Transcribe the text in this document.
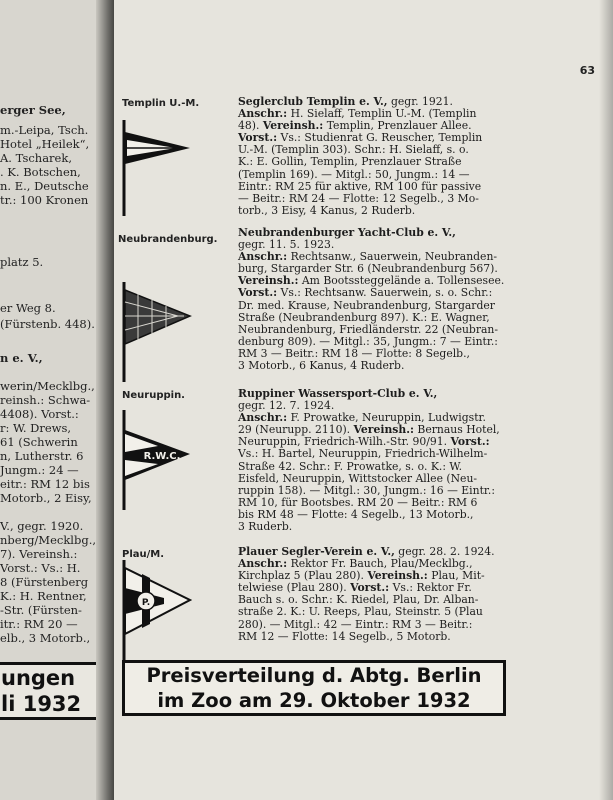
erger See,
m.-Leipa, Tsch.
Hotel „Heilek“,
A. Tscharek,
. K. Botschen,
n. E., Deutsche
tr.: 100 Kronen
platz 5.
er Weg 8.
(Fürstenb. 448).
n e. V.,
werin/Mecklbg.,
reinsh.: Schwa-
4408). Vorst.:
r: W. Drews,
61 (Schwerin
n, Lutherstr. 6
Jungm.: 24 —
eitr.: RM 12 bis
Motorb., 2 Eisy,
V., gegr. 1920.
nberg/Mecklbg.,
7). Vereinsh.:
Vorst.: Vs.: H.
8 (Fürstenberg
K.: H. Rentner,
-Str. (Fürsten-
itr.: RM 20 —
elb., 3 Motorb.,
ungen
li 1932
63
Templin U.-M.	Seglerclub Templin e. V., gegr. 1921.
Anschr.: H. Sielaff, Templin U.-M. (Templin
48). Vereinsh.: Templin, Prenzlauer Allee.
Vorst.: Vs.: Studienrat G. Reuscher, Templin
U.-M. (Templin 303). Schr.: H. Sielaff, s. o.
K.: E. Gollin, Templin, Prenzlauer Straße
(Templin 169). — Mitgl.: 50, Jungm.: 14 —
Eintr.: RM 25 für aktive, RM 100 für passive
— Beitr.: RM 24 — Flotte: 12 Segelb., 3 Mo-
torb., 3 Eisy, 4 Kanus, 2 Ruderb.
Neubrandenburg.
Neubrandenburger Yacht-Club e. V.,
gegr. 11. 5. 1923.
Anschr.: Rechtsanw., Sauerwein, Neubranden-
burg, Stargarder Str. 6 (Neubrandenburg 567).
Vereinsh.: Am Bootssteggelände a. Tollensesee.
Vorst.: Vs.: Rechtsanw. Sauerwein, s. o. Schr.:
Dr. med. Krause, Neubrandenburg, Stargarder
Straße (Neubrandenburg 897). K.: E. Wagner,
Neubrandenburg, Friedländerstr. 22 (Neubran-
denburg 809). — Mitgl.: 35, Jungm.: 7 — Eintr.:
RM 3 — Beitr.: RM 18 — Flotte: 8 Segelb.,
3 Motorb., 6 Kanus, 4 Ruderb.
Neuruppin.
R.W.C.
Ruppiner Wassersport-Club e. V.,
gegr. 12. 7. 1924.
Anschr.: F. Prowatke, Neuruppin, Ludwigstr.
29 (Neurupp. 2110). Vereinsh.: Bernaus Hotel,
Neuruppin, Friedrich-Wilh.-Str. 90/91. Vorst.:
Vs.: H. Bartel, Neuruppin, Friedrich-Wilhelm-
Straße 42. Schr.: F. Prowatke, s. o. K.: W.
Eisfeld, Neuruppin, Wittstocker Allee (Neu-
ruppin 158). — Mitgl.: 30, Jungm.: 16 — Eintr.:
RM 10, für Bootsbes. RM 20 — Beitr.: RM 6
bis RM 48 — Flotte: 4 Segelb., 13 Motorb.,
3 Ruderb.
Plau/M.
P.
Plauer Segler-Verein e. V., gegr. 28. 2. 1924.
Anschr.: Rektor Fr. Bauch, Plau/Mecklbg.,
Kirchplaz 5 (Plau 280). Vereinsh.: Plau, Mit-
telwiese (Plau 280). Vorst.: Vs.: Rektor Fr.
Bauch s. o. Schr.: K. Riedel, Plau, Dr. Alban-
straße 2. K.: U. Reeps, Plau, Steinstr. 5 (Plau
280). — Mitgl.: 42 — Eintr.: RM 3 — Beitr.:
RM 12 — Flotte: 14 Segelb., 5 Motorb.
Preisverteilung d. Abtg. Berlin
im Zoo am 29. Oktober 1932
